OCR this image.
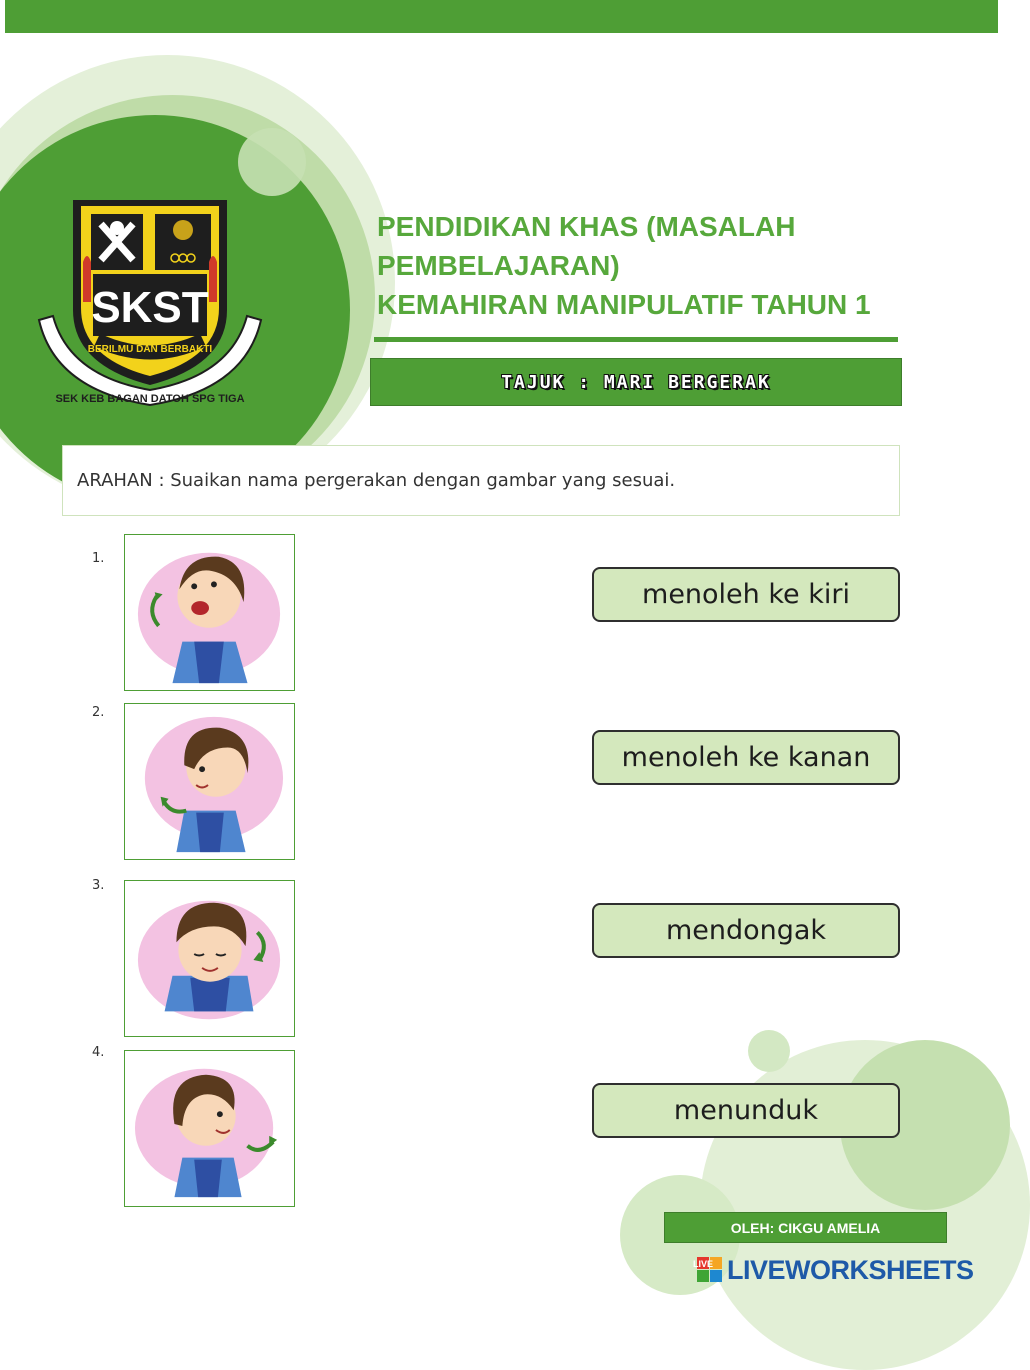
SKST
BERILMU DAN BERBAKTI
SEK KEB BAGAN DATOH SPG TIGA
PENDIDIKAN KHAS (MASALAH
PEMBELAJARAN)
KEMAHIRAN MANIPULATIF TAHUN 1
TAJUK : MARI BERGERAK
ARAHAN : Suaikan nama pergerakan dengan gambar yang sesuai.
1.
2.
3.
4.
menoleh ke kiri
menoleh ke kanan
mendongak
menunduk
OLEH: CIKGU AMELIA
LIVE LIVEWORKSHEETS
